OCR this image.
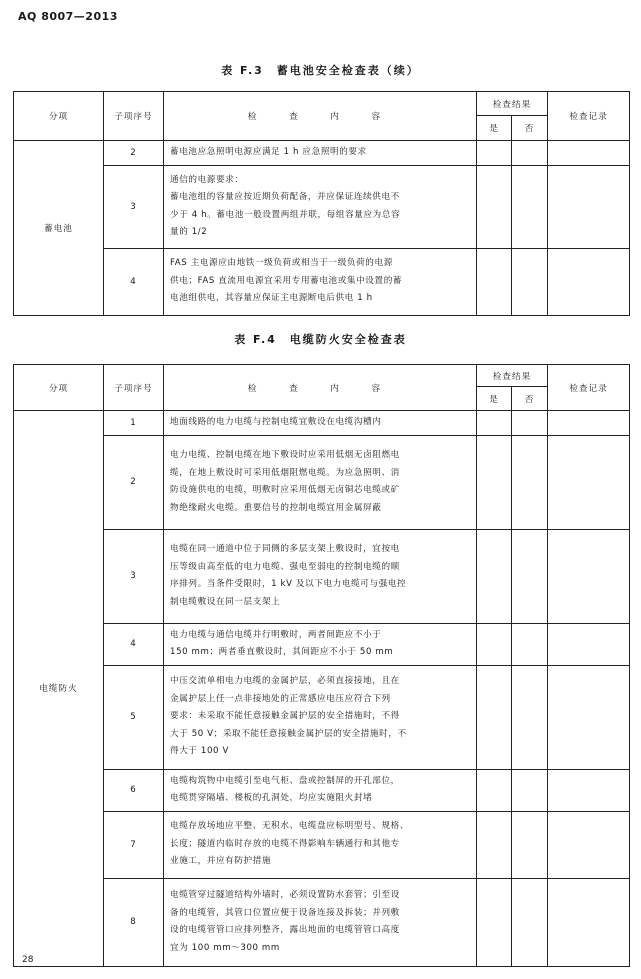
AQ 8007—2013
表 F.3　蓄电池安全检查表（续）
分项	子项序号	检　查　内　容	检查结果		检查记录
			是	否	
蓄电池	2	蓄电池应急照明电源应满足 1 h 应急照明的要求			

	3	通信的电源要求：
蓄电池组的容量应按近期负荷配备，并应保证连续供电不
少于 4 h。蓄电池一般设置两组并联，每组容量应为总容
量的 1/2			

	4	FAS 主电源应由地铁一级负荷或相当于一级负荷的电源
供电；FAS 直流用电源宜采用专用蓄电池或集中设置的蓄
电池组供电，其容量应保证主电源断电后供电 1 h			

表 F.4　电缆防火安全检查表
分项	子项序号	检　查　内　容	检查结果		检查记录
			是	否	
电缆防火	1	地面线路的电力电缆与控制电缆宜敷设在电缆沟槽内			

	2	电力电缆、控制电缆在地下敷设时应采用低烟无卤阻燃电
缆，在地上敷设时可采用低烟阻燃电缆。为应急照明、消
防设施供电的电缆，明敷时应采用低烟无卤铜芯电缆或矿
物绝缘耐火电缆。重要信号的控制电缆宜用金属屏蔽			

	3	电缆在同一通道中位于同侧的多层支架上敷设时，宜按电
压等级由高至低的电力电缆、强电至弱电的控制电缆的顺
序排列。当条件受限时，1 kV 及以下电力电缆可与强电控
制电缆敷设在同一层支架上			

	4	电力电缆与通信电缆并行明敷时，两者间距应不小于
150 mm；两者垂直敷设时，其间距应不小于 50 mm			

	5	中压交流单相电力电缆的金属护层，必须直接接地，且在
金属护层上任一点非接地处的正常感应电压应符合下列
要求：未采取不能任意接触金属护层的安全措施时，不得
大于 50 V；采取不能任意接触金属护层的安全措施时，不
得大于 100 V			

	6	电缆构筑物中电缆引至电气柜、盘或控制屏的开孔部位，
电缆贯穿隔墙、楼板的孔洞处，均应实施阻火封堵			

	7	电缆存放场地应平整、无积水、电缆盘应标明型号、规格、
长度；隧道内临时存放的电缆不得影响车辆通行和其他专
业施工，并应有防护措施			

	8	电缆管穿过隧道结构外墙时，必须设置防水套管；引至设
备的电缆管，其管口位置应便于设备连接及拆装；并列敷
设的电缆管管口应排列整齐，露出地面的电缆管管口高度
宜为 100 mm～300 mm			

28
